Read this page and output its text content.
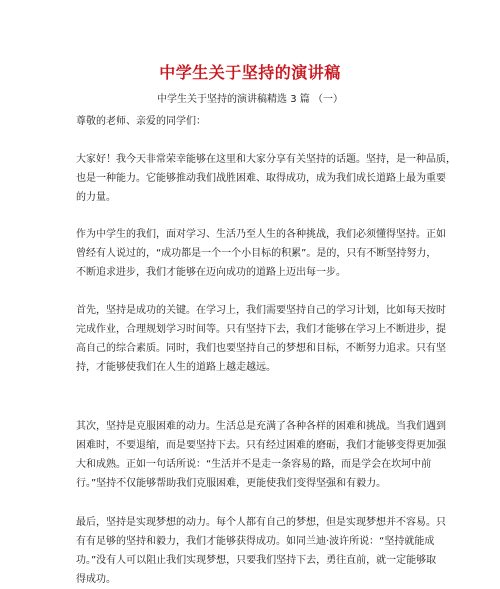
中学生关于坚持的演讲稿
中学生关于坚持的演讲稿精选 3 篇 （一）
尊敬的老师、亲爱的同学们：
大家好！我今天非常荣幸能够在这里和大家分享有关坚持的话题。坚持，是一种品质，
也是一种能力。它能够推动我们战胜困难、取得成功，成为我们成长道路上最为重要
的力量。
作为中学生的我们，面对学习、生活乃至人生的各种挑战，我们必须懂得坚持。正如
曾经有人说过的，“成功都是一个一个小目标的积累”。是的，只有不断坚持努力，
不断追求进步，我们才能够在迈向成功的道路上迈出每一步。
首先，坚持是成功的关键。在学习上，我们需要坚持自己的学习计划，比如每天按时
完成作业，合理规划学习时间等。只有坚持下去，我们才能够在学习上不断进步，提
高自己的综合素质。同时，我们也要坚持自己的梦想和目标，不断努力追求。只有坚
持，才能够使我们在人生的道路上越走越远。
其次，坚持是克服困难的动力。生活总是充满了各种各样的困难和挑战。当我们遇到
困难时，不要退缩，而是要坚持下去。只有经过困难的磨砺，我们才能够变得更加强
大和成熟。正如一句话所说：“生活并不是走一条容易的路，而是学会在坎坷中前
行。”坚持不仅能够帮助我们克服困难，更能使我们变得坚强和有毅力。
最后，坚持是实现梦想的动力。每个人都有自己的梦想，但是实现梦想并不容易。只
有有足够的坚持和毅力，我们才能够获得成功。如同兰迪·波许所说：“坚持就能成
功。”没有人可以阻止我们实现梦想，只要我们坚持下去，勇往直前，就一定能够取
得成功。
